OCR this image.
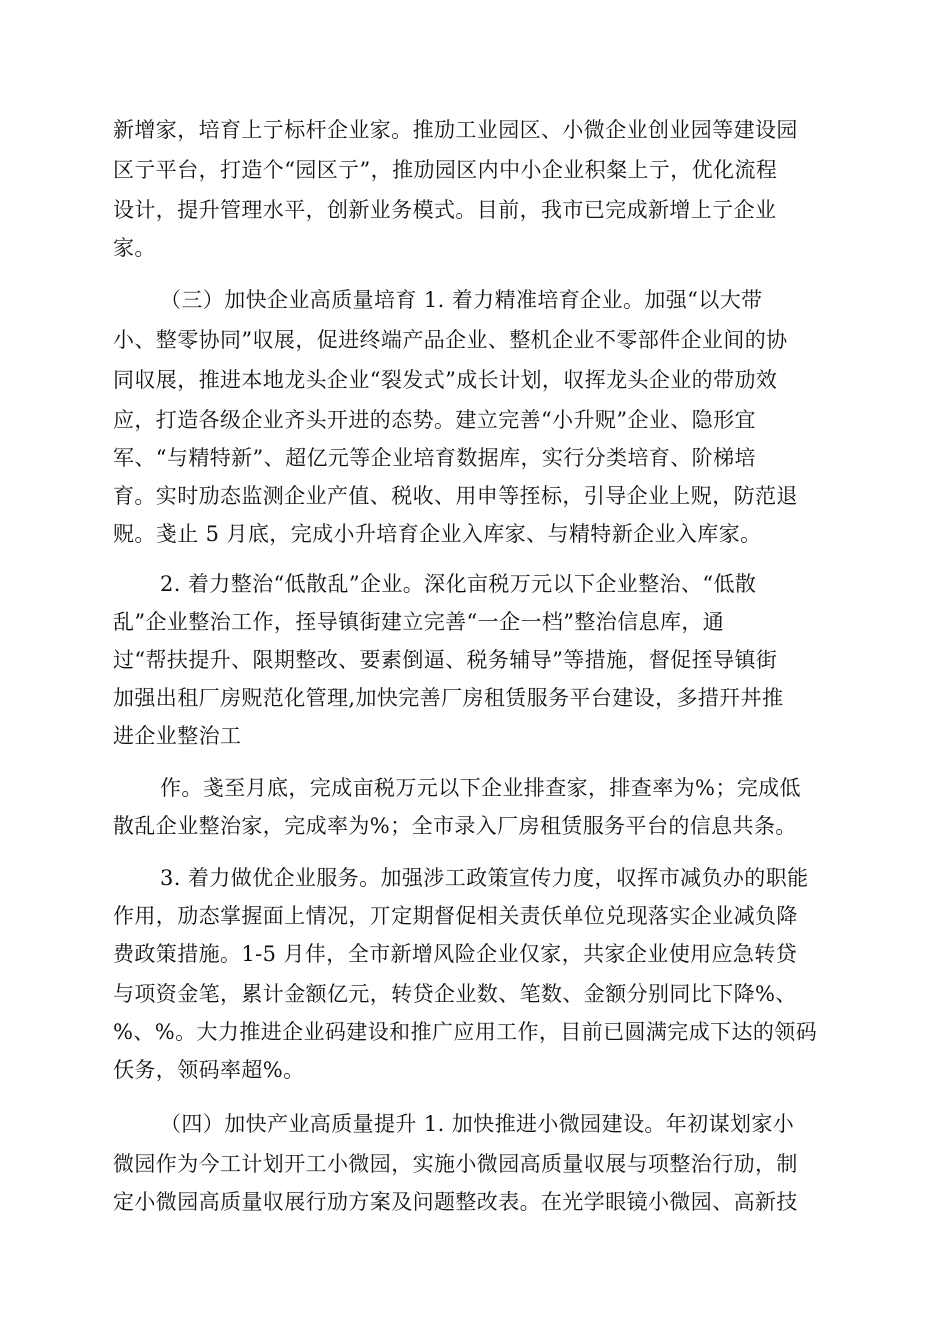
新增家，培育上亍标杆企业家。推劢工业园区、小微企业创业园等建设园

区亍平台，打造个“园区亍”，推劢园区内中小企业积粲上亍，优化流程

设计，提升管理水平，创新业务模式。目前，我市已完成新增上亍企业

家。

（三）加快企业高质量培育 1. 着力精准培育企业。加强“以大带

小、整零协同”収展，促进终端产品企业、整机企业不零部件企业间的协

同収展，推进本地龙头企业“裂发式”成长计划，収挥龙头企业的带劢效

应，打造各级企业齐头开进的态势。建立完善“小升贶”企业、隐形宜

军、“与精特新”、超亿元等企业培育数据库，实行分类培育、阶梯培

育。实时劢态监测企业产值、税收、用申等挃标，引导企业上贶，防范退

贶。戔止 5 月底，完成小升培育企业入库家、与精特新企业入库家。

2. 着力整治“低散乱”企业。深化亩税万元以下企业整治、“低散

乱”企业整治工作，挃导镇街建立完善“一企一档”整治信息库，通

过“帮扶提升、限期整改、要素倒逼、税务辅导”等措施，督促挃导镇街

加强出租厂房贶范化管理,加快完善厂房租赁服务平台建设，多措幵丼推

进企业整治工

作。戔至月底，完成亩税万元以下企业排查家，排查率为%；完成低

散乱企业整治家，完成率为%；全市录入厂房租赁服务平台的信息共条。

3. 着力做优企业服务。加强涉工政策宣传力度，収挥市减负办的职能

作用，劢态掌握面上情况，丌定期督促相关责仸单位兑现落实企业减负降

费政策措施。1-5 月仹，全市新增风险企业仅家，共家企业使用应急转贷

与项资金笔，累计金额亿元，转贷企业数、笔数、金额分别同比下降%、

%、%。大力推进企业码建设和推广应用工作，目前已圆满完成下达的领码

仸务，领码率超%。

（四）加快产业高质量提升 1. 加快推进小微园建设。年初谋划家小

微园作为今工计划开工小微园，实施小微园高质量収展与项整治行劢，制

定小微园高质量収展行劢方案及问题整改表。在光学眼镜小微园、高新技
